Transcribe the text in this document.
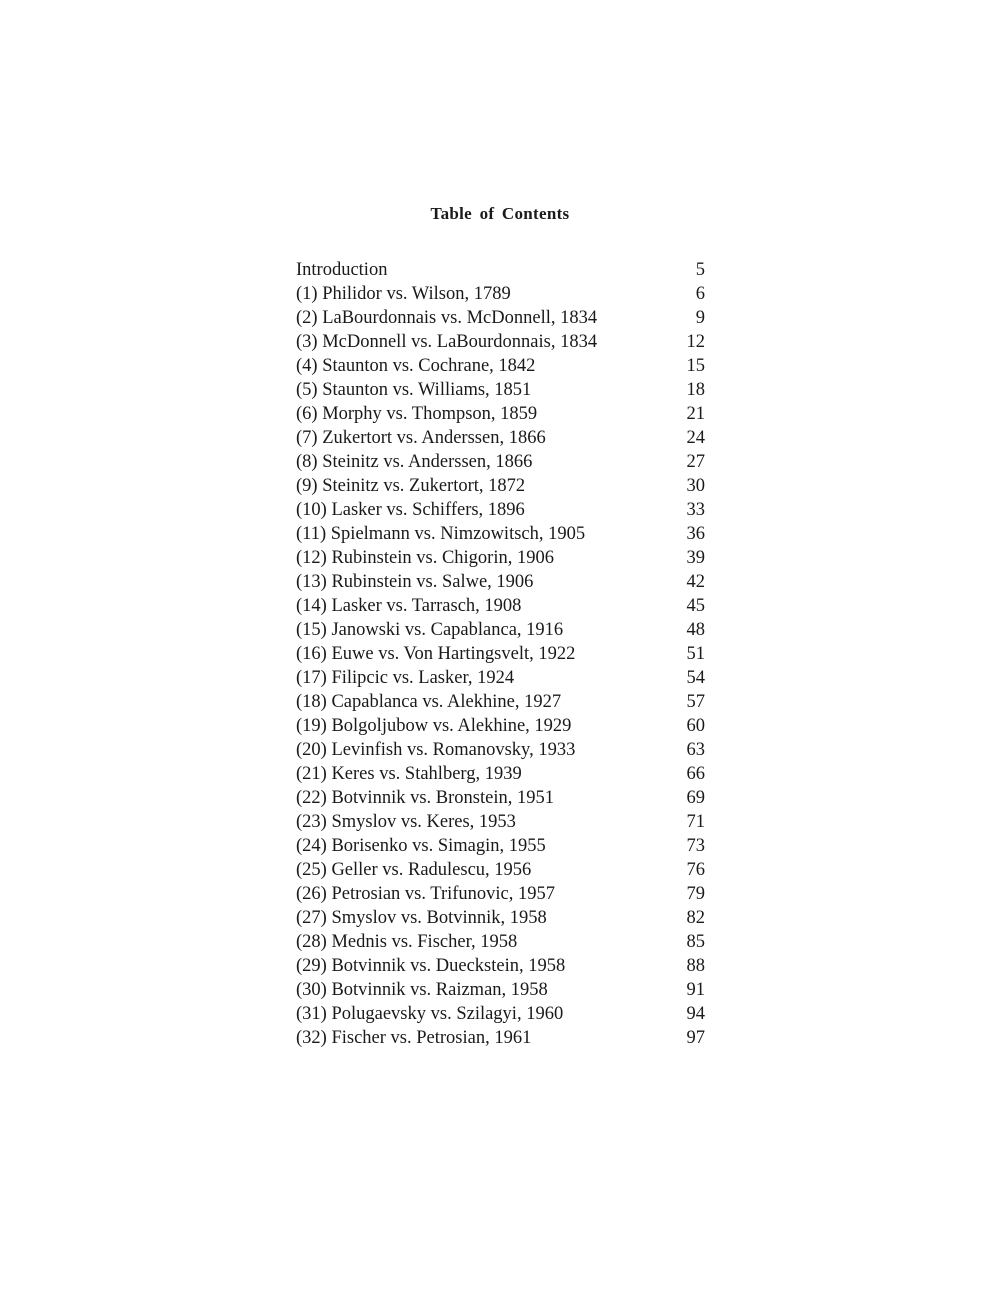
Table of Contents
Introduction	5
(1) Philidor vs. Wilson, 1789	6
(2) LaBourdonnais vs. McDonnell, 1834	9
(3) McDonnell vs. LaBourdonnais, 1834	12
(4) Staunton vs. Cochrane, 1842	15
(5) Staunton vs. Williams, 1851	18
(6) Morphy vs. Thompson, 1859	21
(7) Zukertort vs. Anderssen, 1866	24
(8) Steinitz vs. Anderssen, 1866	27
(9) Steinitz vs. Zukertort, 1872	30
(10) Lasker vs. Schiffers, 1896	33
(11) Spielmann vs. Nimzowitsch, 1905	36
(12) Rubinstein vs. Chigorin, 1906	39
(13) Rubinstein vs. Salwe, 1906	42
(14) Lasker vs. Tarrasch, 1908	45
(15) Janowski vs. Capablanca, 1916	48
(16) Euwe vs. Von Hartingsvelt, 1922	51
(17) Filipcic vs. Lasker, 1924	54
(18) Capablanca vs. Alekhine, 1927	57
(19) Bolgoljubow vs. Alekhine, 1929	60
(20) Levinfish vs. Romanovsky, 1933	63
(21) Keres vs. Stahlberg, 1939	66
(22) Botvinnik vs. Bronstein, 1951	69
(23) Smyslov vs. Keres, 1953	71
(24) Borisenko vs. Simagin, 1955	73
(25) Geller vs. Radulescu, 1956	76
(26) Petrosian vs. Trifunovic, 1957	79
(27) Smyslov vs. Botvinnik, 1958	82
(28) Mednis vs. Fischer, 1958	85
(29) Botvinnik vs. Dueckstein, 1958	88
(30) Botvinnik vs. Raizman, 1958	91
(31) Polugaevsky vs. Szilagyi, 1960	94
(32) Fischer vs. Petrosian, 1961	97
